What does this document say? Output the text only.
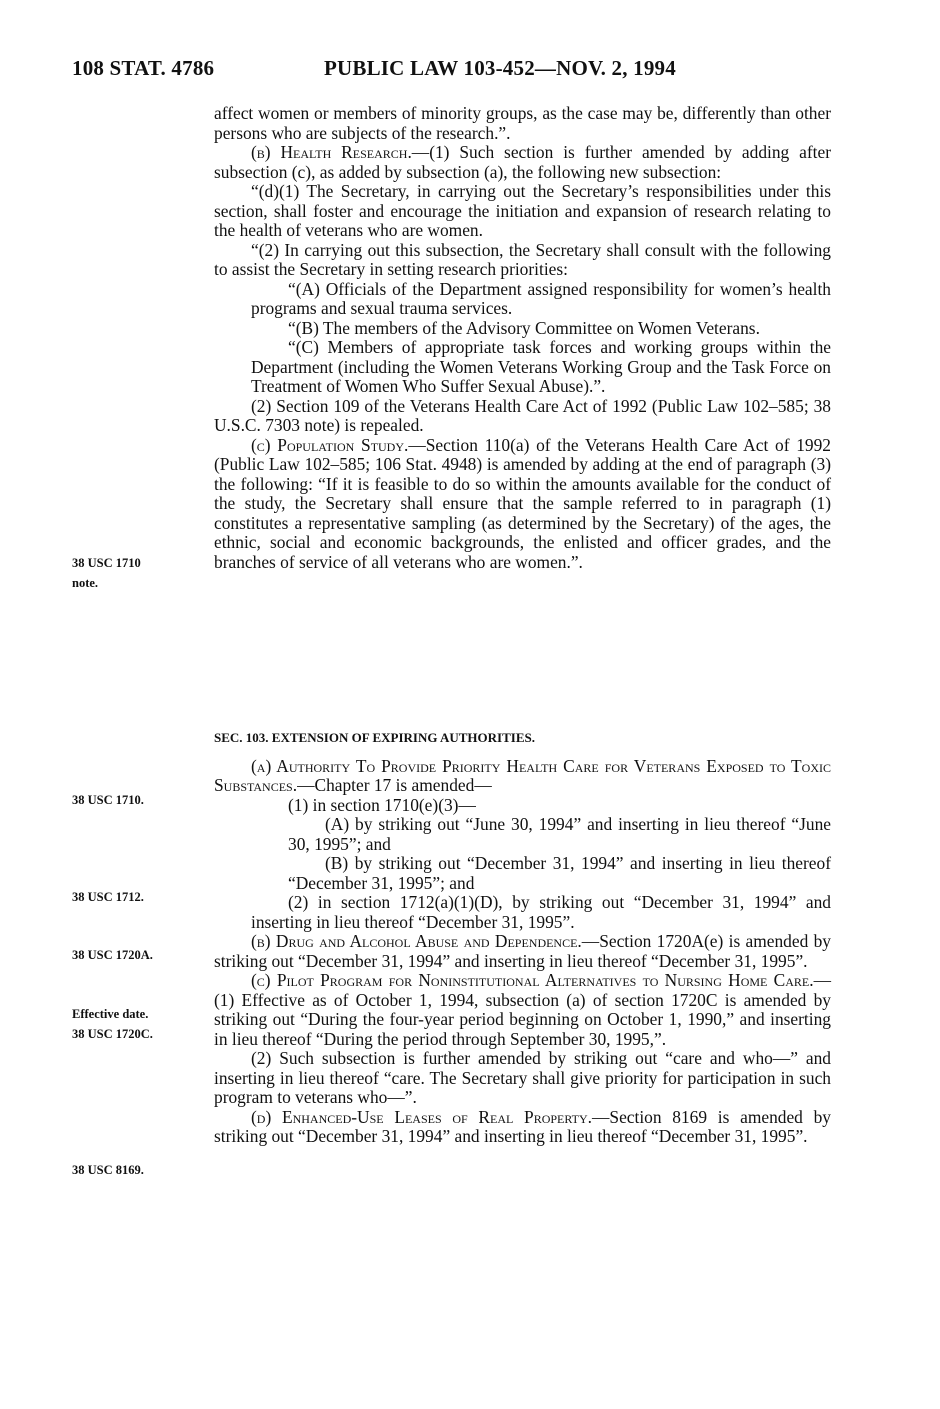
108 STAT. 4786	PUBLIC LAW 103-452—NOV. 2, 1994
38 USC 1710
note.
38 USC 1710.
38 USC 1712.
38 USC 1720A.
Effective date.
38 USC 1720C.
38 USC 8169.

affect women or members of minority groups, as the case may be, differently than other persons who are subjects of the research.”.

(b) Health Research.—(1) Such section is further amended by adding after subsection (c), as added by subsection (a), the following new subsection:

“(d)(1) The Secretary, in carrying out the Secretary’s responsibilities under this section, shall foster and encourage the initiation and expansion of research relating to the health of veterans who are women.

“(2) In carrying out this subsection, the Secretary shall consult with the following to assist the Secretary in setting research priorities:

“(A) Officials of the Department assigned responsibility for women’s health programs and sexual trauma services.

“(B) The members of the Advisory Committee on Women Veterans.

“(C) Members of appropriate task forces and working groups within the Department (including the Women Veterans Working Group and the Task Force on Treatment of Women Who Suffer Sexual Abuse).”.

(2) Section 109 of the Veterans Health Care Act of 1992 (Public Law 102–585; 38 U.S.C. 7303 note) is repealed.

(c) Population Study.—Section 110(a) of the Veterans Health Care Act of 1992 (Public Law 102–585; 106 Stat. 4948) is amended by adding at the end of paragraph (3) the following: “If it is feasible to do so within the amounts available for the conduct of the study, the Secretary shall ensure that the sample referred to in paragraph (1) constitutes a representative sampling (as determined by the Secretary) of the ages, the ethnic, social and economic backgrounds, the enlisted and officer grades, and the branches of service of all veterans who are women.”.

SEC. 103. EXTENSION OF EXPIRING AUTHORITIES.

(a) Authority To Provide Priority Health Care for Veterans Exposed to Toxic Substances.—Chapter 17 is amended—

(1) in section 1710(e)(3)—

(A) by striking out “June 30, 1994” and inserting in lieu thereof “June 30, 1995”; and

(B) by striking out “December 31, 1994” and inserting in lieu thereof “December 31, 1995”; and

(2) in section 1712(a)(1)(D), by striking out “December 31, 1994” and inserting in lieu thereof “December 31, 1995”.

(b) Drug and Alcohol Abuse and Dependence.—Section 1720A(e) is amended by striking out “December 31, 1994” and inserting in lieu thereof “December 31, 1995”.

(c) Pilot Program for Noninstitutional Alternatives to Nursing Home Care.—(1) Effective as of October 1, 1994, subsection (a) of section 1720C is amended by striking out “During the four-year period beginning on October 1, 1990,” and inserting in lieu thereof “During the period through September 30, 1995,”.

(2) Such subsection is further amended by striking out “care and who—” and inserting in lieu thereof “care. The Secretary shall give priority for participation in such program to veterans who—”.

(d) Enhanced-Use Leases of Real Property.—Section 8169 is amended by striking out “December 31, 1994” and inserting in lieu thereof “December 31, 1995”.
